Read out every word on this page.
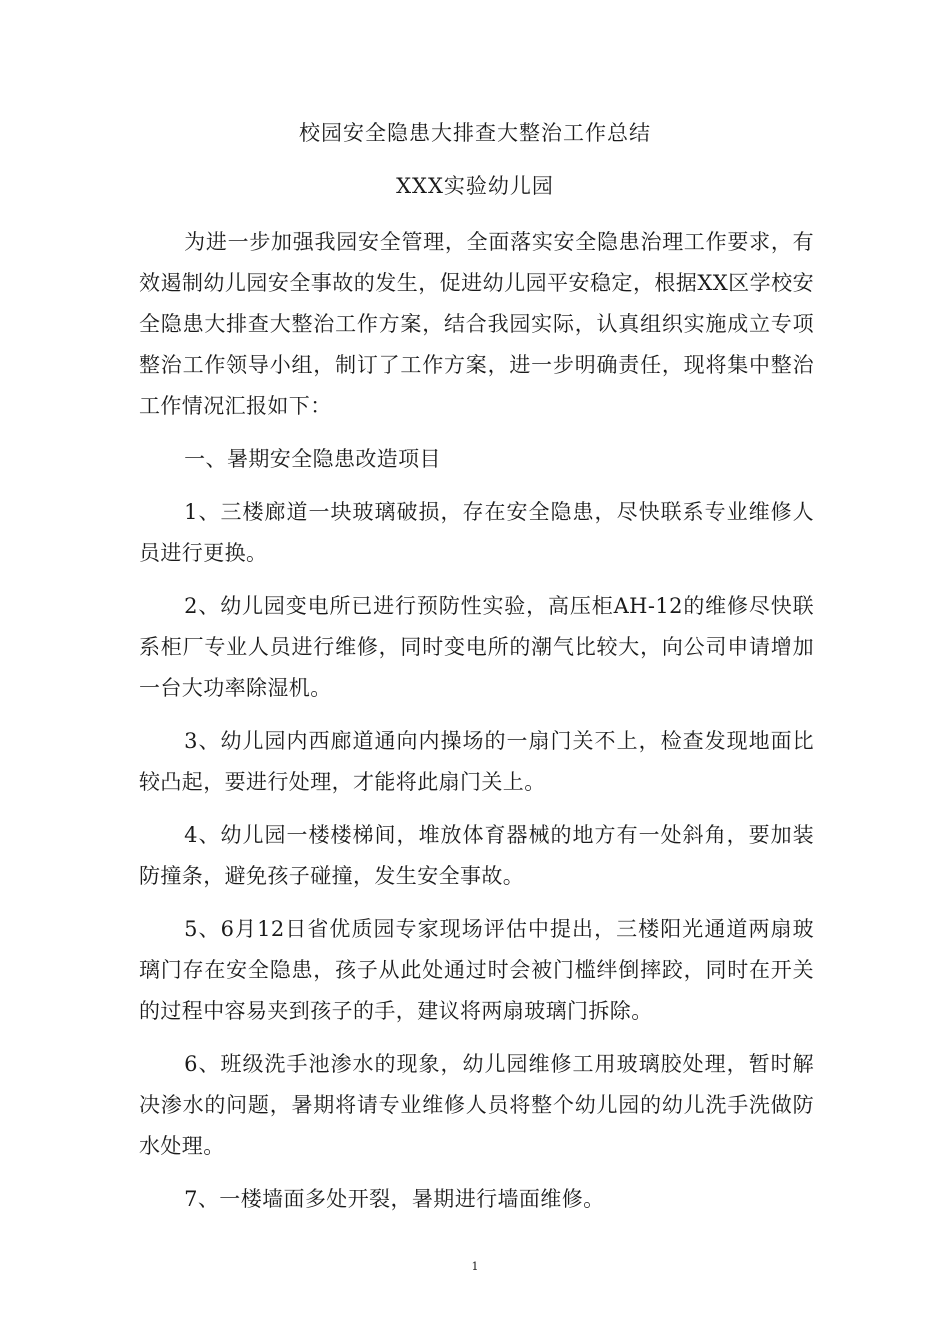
校园安全隐患大排查大整治工作总结
XXX实验幼儿园

为进一步加强我园安全管理，全面落实安全隐患治理工作要求，有效遏制幼儿园安全事故的发生，促进幼儿园平安稳定，根据XX区学校安全隐患大排查大整治工作方案，结合我园实际，认真组织实施成立专项整治工作领导小组，制订了工作方案，进一步明确责任，现将集中整治工作情况汇报如下：

一、暑期安全隐患改造项目

1、三楼廊道一块玻璃破损，存在安全隐患，尽快联系专业维修人员进行更换。

2、幼儿园变电所已进行预防性实验，高压柜AH-12的维修尽快联系柜厂专业人员进行维修，同时变电所的潮气比较大，向公司申请增加一台大功率除湿机。

3、幼儿园内西廊道通向内操场的一扇门关不上，检查发现地面比较凸起，要进行处理，才能将此扇门关上。

4、幼儿园一楼楼梯间，堆放体育器械的地方有一处斜角，要加装防撞条，避免孩子碰撞，发生安全事故。

5、6月12日省优质园专家现场评估中提出，三楼阳光通道两扇玻璃门存在安全隐患，孩子从此处通过时会被门槛绊倒摔跤，同时在开关的过程中容易夹到孩子的手，建议将两扇玻璃门拆除。

6、班级洗手池渗水的现象，幼儿园维修工用玻璃胶处理，暂时解决渗水的问题，暑期将请专业维修人员将整个幼儿园的幼儿洗手洗做防水处理。

7、一楼墙面多处开裂，暑期进行墙面维修。

1
